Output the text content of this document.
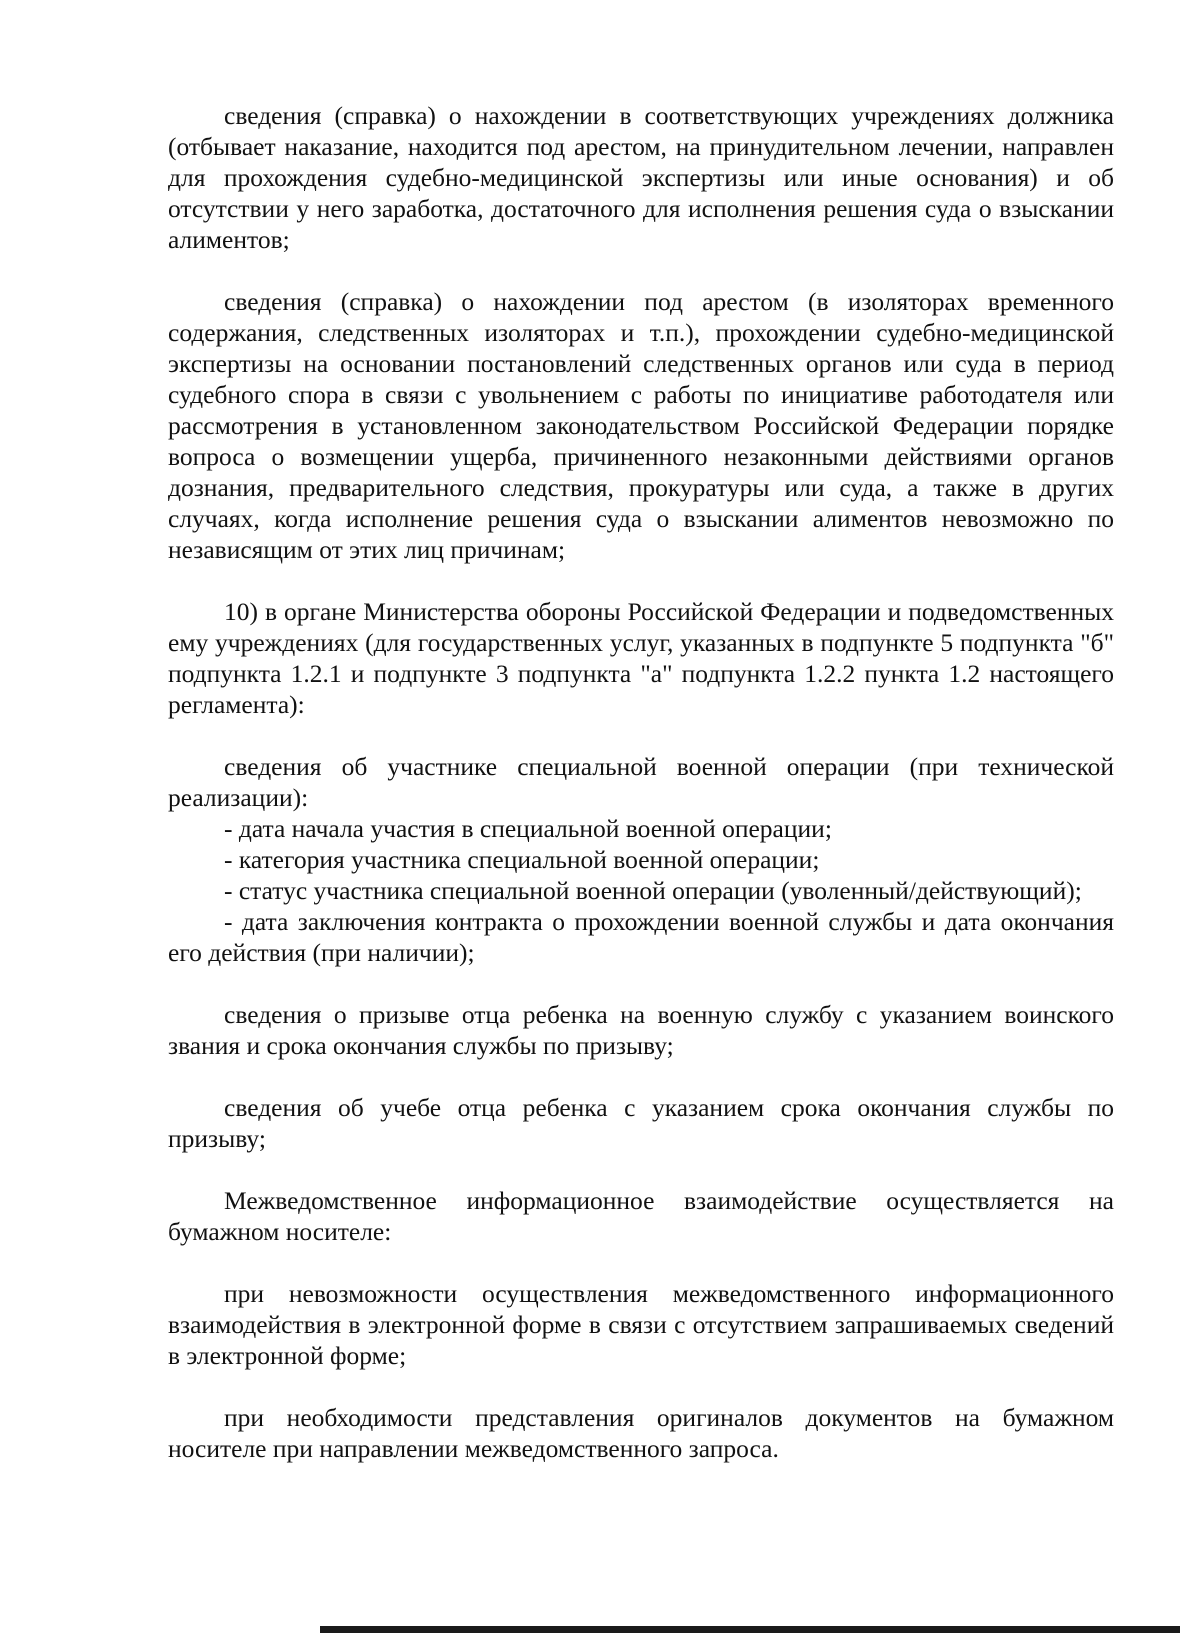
сведения (справка) о нахождении в соответствующих учреждениях должника (отбывает наказание, находится под арестом, на принудительном лечении, направлен для прохождения судебно-медицинской экспертизы или иные основания) и об отсутствии у него заработка, достаточного для исполнения решения суда о взыскании алиментов;

сведения (справка) о нахождении под арестом (в изоляторах временного содержания, следственных изоляторах и т.п.), прохождении судебно-медицинской экспертизы на основании постановлений следственных органов или суда в период судебного спора в связи с увольнением с работы по инициативе работодателя или рассмотрения в установленном законодательством Российской Федерации порядке вопроса о возмещении ущерба, причиненного незаконными действиями органов дознания, предварительного следствия, прокуратуры или суда, а также в других случаях, когда исполнение решения суда о взыскании алиментов невозможно по независящим от этих лиц причинам;

10) в органе Министерства обороны Российской Федерации и подведомственных ему учреждениях (для государственных услуг, указанных в подпункте 5 подпункта "б" подпункта 1.2.1 и подпункте 3 подпункта "а" подпункта 1.2.2 пункта 1.2 настоящего регламента):

сведения об участнике специальной военной операции (при технической реализации):

- дата начала участия в специальной военной операции;

- категория участника специальной военной операции;

- статус участника специальной военной операции (уволенный/действующий);

- дата заключения контракта о прохождении военной службы и дата окончания его действия (при наличии);

сведения о призыве отца ребенка на военную службу с указанием воинского звания и срока окончания службы по призыву;

сведения об учебе отца ребенка с указанием срока окончания службы по призыву;

Межведомственное информационное взаимодействие осуществляется на бумажном носителе:

при невозможности осуществления межведомственного информационного взаимодействия в электронной форме в связи с отсутствием запрашиваемых сведений в электронной форме;

при необходимости представления оригиналов документов на бумажном носителе при направлении межведомственного запроса.
